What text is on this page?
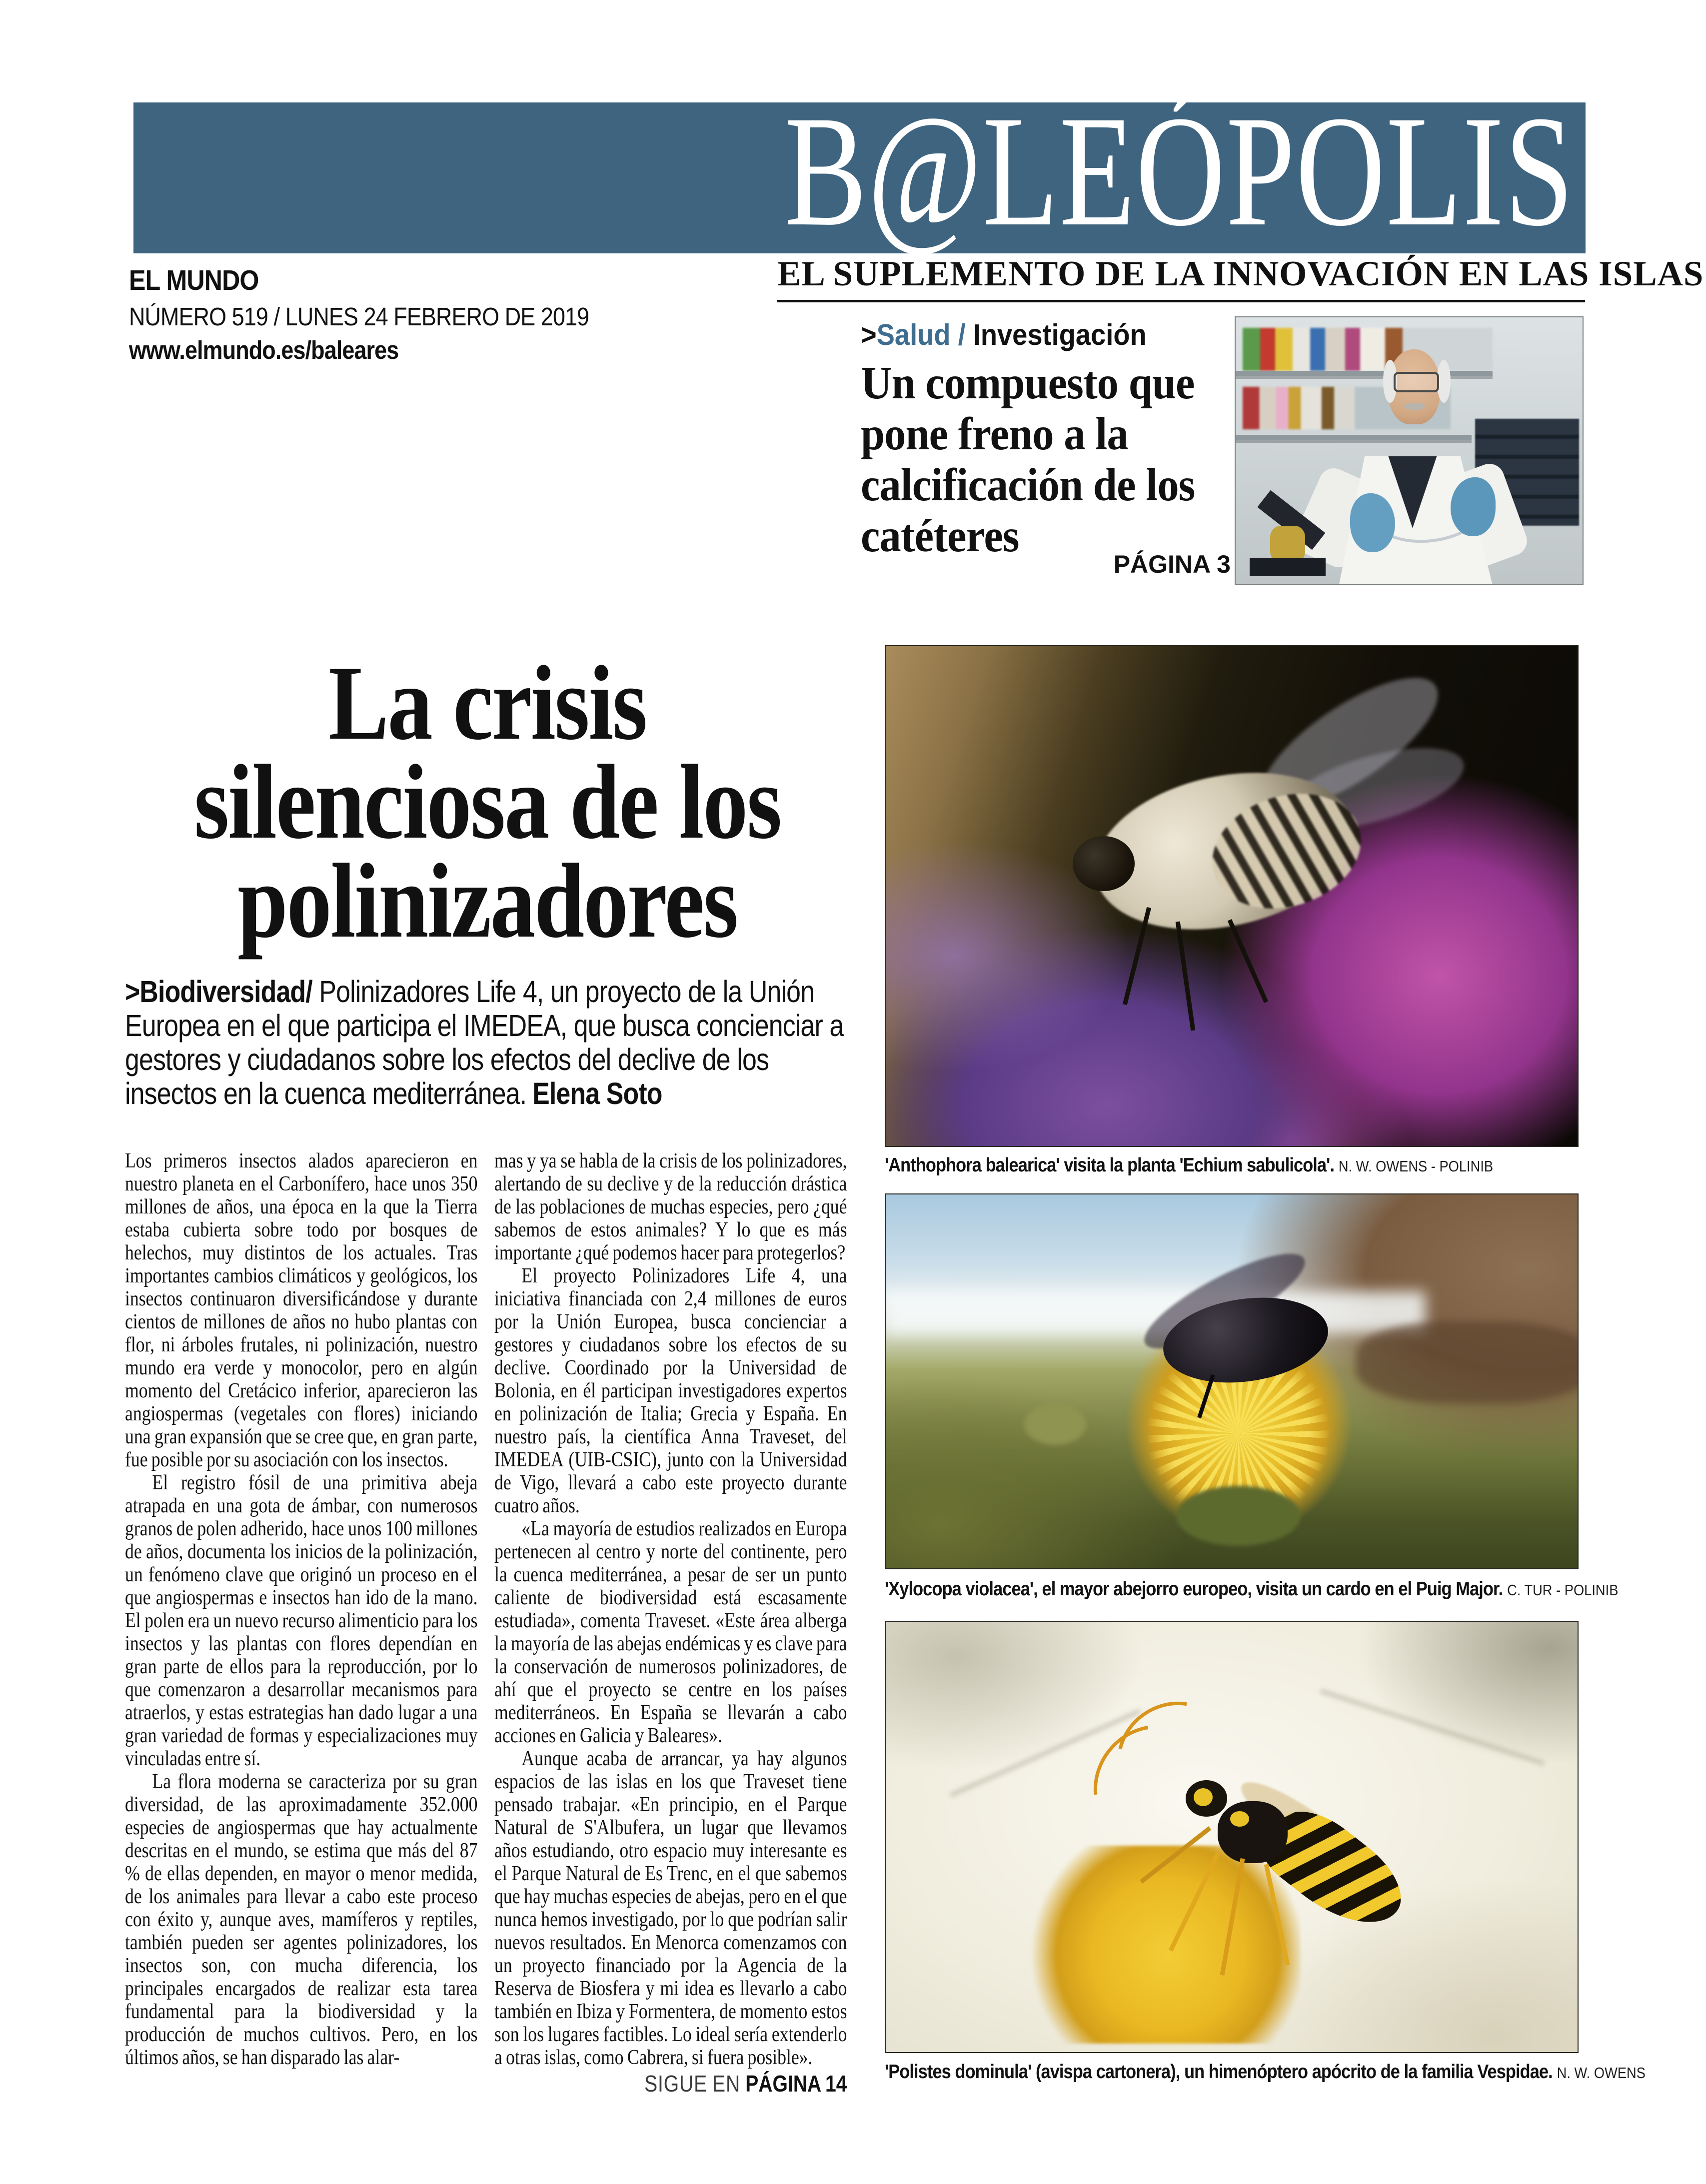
B@LEÓPOLIS
EL SUPLEMENTO DE LA INNOVACIÓN EN LAS ISLAS
EL MUNDO
NÚMERO 519 / LUNES 24 FEBRERO DE 2019
www.elmundo.es/baleares	>Salud / Investigación
Un compuesto que pone freno a la calcificación de los catéteres
PÁGINA 3
La crisis
silenciosa de los
polinizadores
>Biodiversidad/ Polinizadores Life 4, un proyecto de la Unión Europea en el que participa el IMEDEA, que busca concienciar a gestores y ciudadanos sobre los efectos del declive de los insectos en la cuenca mediterránea. Elena Soto

Los primeros insectos alados aparecieron en nuestro planeta en el Carbonífero, hace unos 350 millones de años, una época en la que la Tierra estaba cubierta sobre todo por bosques de helechos, muy distintos de los actuales. Tras importantes cambios climáticos y geológicos, los insectos continuaron diversificándose y durante cientos de millones de años no hubo plantas con flor, ni árboles frutales, ni polinización, nuestro mundo era verde y monocolor, pero en algún momento del Cretácico inferior, aparecieron las angiospermas (vegetales con flores) iniciando una gran expansión que se cree que, en gran parte, fue posible por su asociación con los insectos.

El registro fósil de una primitiva abeja atrapada en una gota de ámbar, con numerosos granos de polen adherido, hace unos 100 millones de años, documenta los inicios de la polinización, un fenómeno clave que originó un proceso en el que angiospermas e insectos han ido de la mano. El polen era un nuevo recurso alimenticio para los insectos y las plantas con flores dependían en gran parte de ellos para la reproducción, por lo que comenzaron a desarrollar mecanismos para atraerlos, y estas estrategias han dado lugar a una gran variedad de formas y especializaciones muy vinculadas entre sí.

La flora moderna se caracteriza por su gran diversidad, de las aproximadamente 352.000 especies de angiospermas que hay actualmente descritas en el mundo, se estima que más del 87 % de ellas dependen, en mayor o menor medida, de los animales para llevar a cabo este proceso con éxito y, aunque aves, mamíferos y reptiles, también pueden ser agentes polinizadores, los insectos son, con mucha diferencia, los principales encargados de realizar esta tarea fundamental para la biodiversidad y la producción de muchos cultivos. Pero, en los últimos años, se han disparado las alar-

mas y ya se habla de la crisis de los polinizadores, alertando de su declive y de la reducción drástica de las poblaciones de muchas especies, pero ¿qué sabemos de estos animales? Y lo que es más importante ¿qué podemos hacer para protegerlos?

El proyecto Polinizadores Life 4, una iniciativa financiada con 2,4 millones de euros por la Unión Europea, busca concienciar a gestores y ciudadanos sobre los efectos de su declive. Coordinado por la Universidad de Bolonia, en él participan investigadores expertos en polinización de Italia; Grecia y España. En nuestro país, la científica Anna Traveset, del IMEDEA (UIB-CSIC), junto con la Universidad de Vigo, llevará a cabo este proyecto durante cuatro años.

«La mayoría de estudios realizados en Europa pertenecen al centro y norte del continente, pero la cuenca mediterránea, a pesar de ser un punto caliente de biodiversidad está escasamente estudiada», comenta Traveset. «Este área alberga la mayoría de las abejas endémicas y es clave para la conservación de numerosos polinizadores, de ahí que el proyecto se centre en los países mediterráneos. En España se llevarán a cabo acciones en Galicia y Baleares».

Aunque acaba de arrancar, ya hay algunos espacios de las islas en los que Traveset tiene pensado trabajar. «En principio, en el Parque Natural de S'Albufera, un lugar que llevamos años estudiando, otro espacio muy interesante es el Parque Natural de Es Trenc, en el que sabemos que hay muchas especies de abejas, pero en el que nunca hemos investigado, por lo que podrían salir nuevos resultados. En Menorca comenzamos con un proyecto financiado por la Agencia de la Reserva de Biosfera y mi idea es llevarlo a cabo también en Ibiza y Formentera, de momento estos son los lugares factibles. Lo ideal sería extenderlo a otras islas, como Cabrera, si fuera posible».

SIGUE EN PÁGINA 14
'Anthophora balearica' visita la planta 'Echium sabulicola'. N. W. OWENS - POLINIB
'Xylocopa violacea', el mayor abejorro europeo, visita un cardo en el Puig Major. C. TUR - POLINIB
'Polistes dominula' (avispa cartonera), un himenóptero apócrito de la familia Vespidae. N. W. OWENS
